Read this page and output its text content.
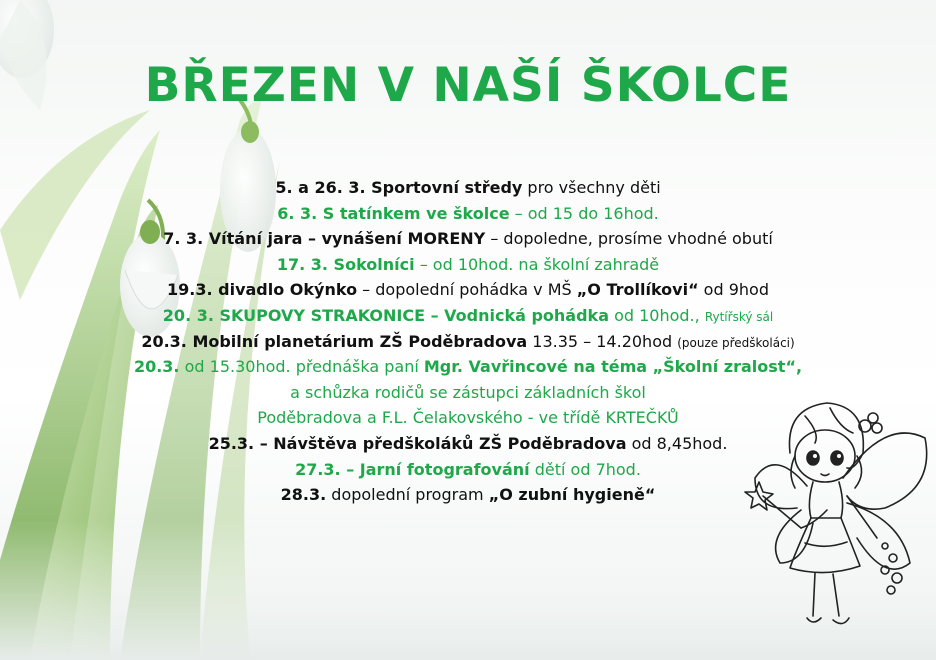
BŘEZEN V NAŠÍ ŠKOLCE
5. a 26. 3. Sportovní středy pro všechny děti
6. 3. S tatínkem ve školce – od 15 do 16hod.
7. 3. Vítání jara – vynášení MORENY – dopoledne, prosíme vhodné obutí
17. 3. Sokolníci – od 10hod. na školní zahradě
19.3. divadlo Okýnko – dopolední pohádka v MŠ „O Trollíkovi“ od 9hod
20. 3. SKUPOVY STRAKONICE – Vodnická pohádka od 10hod., Rytířský sál
20.3. Mobilní planetárium ZŠ Poděbradova 13.35 – 14.20hod (pouze předškoláci)
20.3. od 15.30hod. přednáška paní Mgr. Vavřincové na téma „Školní zralost“,
a schůzka rodičů se zástupci základních škol
Poděbradova a F.L. Čelakovského - ve třídě KRTEČKŮ
25.3. – Návštěva předškoláků ZŠ Poděbradova od 8,45hod.
27.3. – Jarní fotografování dětí od 7hod.
28.3. dopolední program „O zubní hygieně“
